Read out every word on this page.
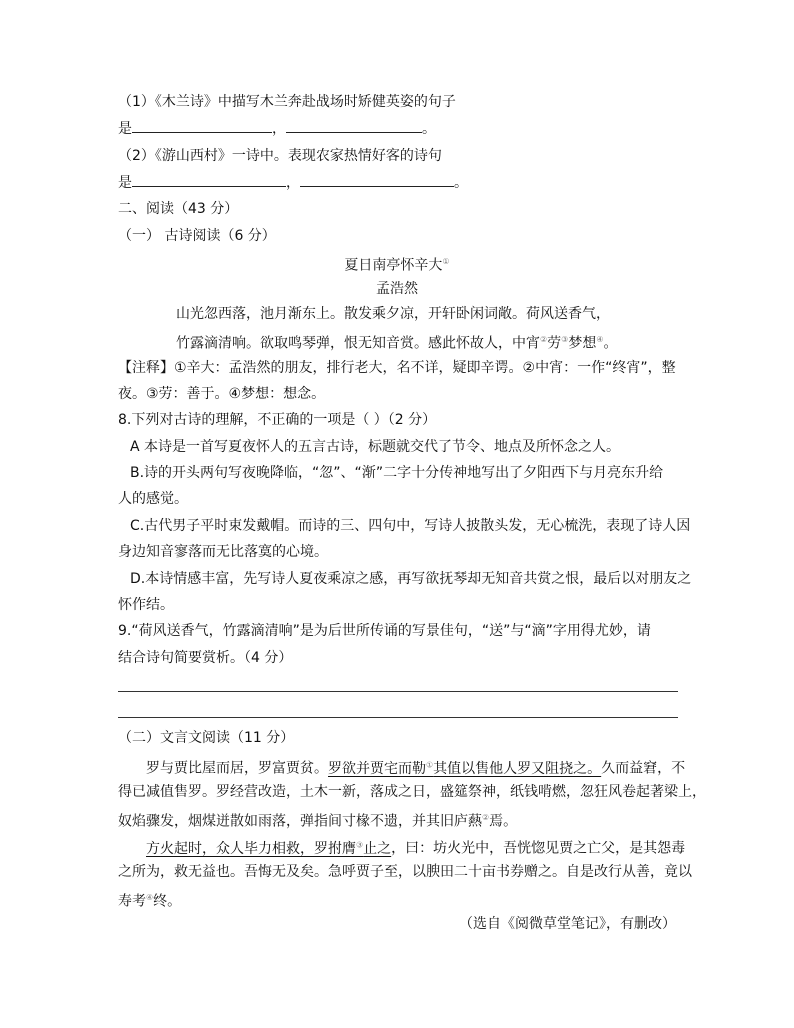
（1）《木兰诗》中描写木兰奔赴战场时矫健英姿的句子
是	，	。
（2）《游山西村》一诗中。表现农家热情好客的诗句
是	，	。
二、阅读（43 分）
（一） 古诗阅读（6 分）
夏日南亭怀辛大①
孟浩然
山光忽西落，池月渐东上。散发乘夕凉，开轩卧闲词敞。荷风送香气，
竹露滴清响。欲取鸣琴弹，恨无知音赏。感此怀故人，中宵②劳③梦想④。
【注释】①辛大：孟浩然的朋友，排行老大，名不详，疑即辛谔。②中宵：一作“终宵”，整
夜。③劳：善于。④梦想：想念。
8.下列对古诗的理解，不正确的一项是（ ）（2 分）
A 本诗是一首写夏夜怀人的五言古诗，标题就交代了节令、地点及所怀念之人。
B.诗的开头两句写夜晚降临，“忽”、“渐”二字十分传神地写出了夕阳西下与月亮东升给
人的感觉。
C.古代男子平时束发戴帽。而诗的三、四句中，写诗人披散头发，无心梳洗，表现了诗人因
身边知音寥落而无比落寞的心境。
D.本诗情感丰富，先写诗人夏夜乘凉之感，再写欲抚琴却无知音共赏之恨，最后以对朋友之
怀作结。
9.“荷风送香气，竹露滴清响”是为后世所传诵的写景佳句，“送”与“滴”字用得尤妙，请
结合诗句简要赏析。（4 分）
（二）文言文阅读（11 分）
罗与贾比屋而居，罗富贾贫。罗欲并贾宅而勒①其值以售他人罗又阻挠之。久而益窘，不
得已减值售罗。罗经营改造，土木一新，落成之日，盛筵祭神，纸钱啃燃，忽狂风卷起著梁上，
奴焰骤发，烟煤迸散如雨落，弹指间寸椽不遗，并其旧庐爇②焉。
方火起时，众人毕力相救，罗拊膺③止之，曰：坊火光中，吾恍惚见贾之亡父，是其怨毒
之所为，救无益也。吾悔无及矣。急呼贾子至，以腴田二十亩书券赠之。自是改行从善，竟以
寿考④终。
（选自《阅微草堂笔记》，有删改）
